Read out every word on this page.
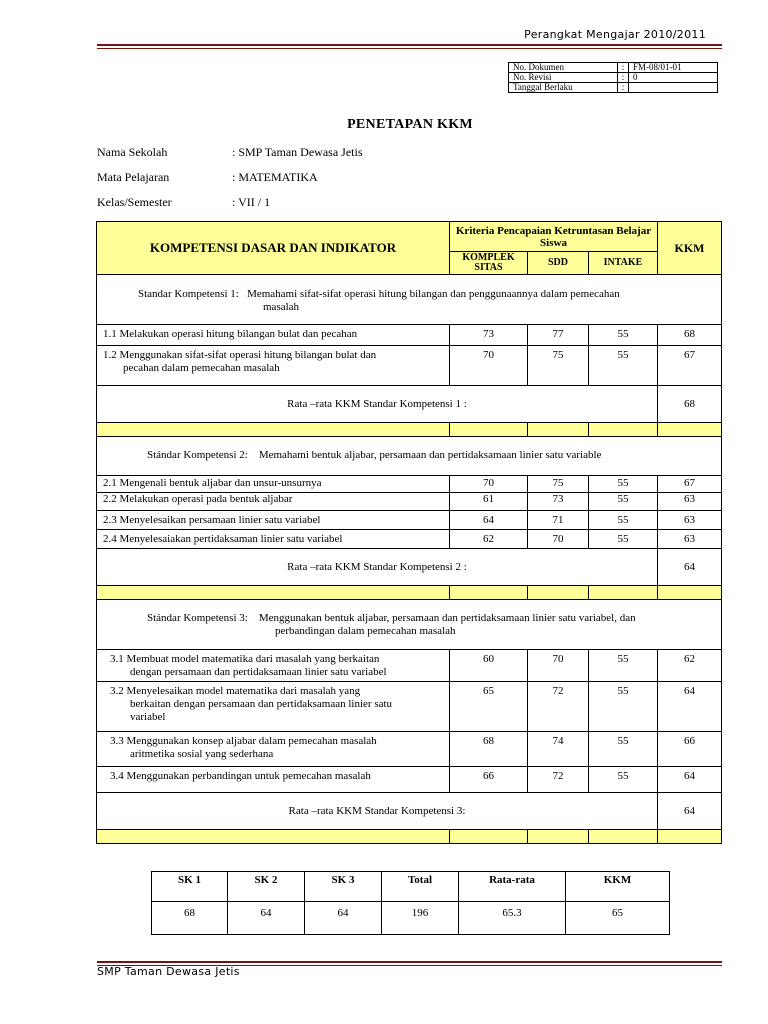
Perangkat Mengajar 2010/2011
No. Dokumen	:	FM-08/01-01
No. Revisi	:	0
Tanggal Berlaku	:	
PENETAPAN KKM
Nama Sekolah	: SMP Taman Dewasa Jetis
Mata Pelajaran	: MATEMATIKA
Kelas/Semester	: VII / 1
KOMPETENSI DASAR DAN INDIKATOR	Kriteria Pencapaian Ketruntasan Belajar Siswa			KKM
	KOMPLEK SITAS	SDD	INTAKE	
Standar Kompetensi 1: Memahami sifat-sifat operasi hitung bilangan dan penggunaannya dalam pemecahan
masalah				
1.1 Melakukan operasi hitung bilangan bulat dan pecahan	73	77	55	68
1.2 Menggunakan sifat-sifat operasi hitung bilangan bulat dan
pecahan dalam pemecahan masalah	70	75	55	67
Rata –rata KKM Standar Kompetensi 1 :				68

Stándar Kompetensi 2: Memahami bentuk aljabar, persamaan dan pertidaksamaan linier satu variable				
2.1 Mengenali bentuk aljabar dan unsur-unsurnya	70	75	55	67
2.2 Melakukan operasi pada bentuk aljabar	61	73	55	63
2.3 Menyelesaikan persamaan linier satu variabel	64	71	55	63
2.4 Menyelesaiakan pertidaksaman linier satu variabel	62	70	55	63
Rata –rata KKM Standar Kompetensi 2 :				64

Stándar Kompetensi 3: Menggunakan bentuk aljabar, persamaan dan pertidaksamaan linier satu variabel, dan
perbandingan dalam pemecahan masalah				
3.1 Membuat model matematika dari masalah yang berkaitan
dengan persamaan dan pertidaksamaan linier satu variabel	60	70	55	62
3.2 Menyelesaikan model matematika dari masalah yang
berkaitan dengan persamaan dan pertidaksamaan linier satu
variabel	65	72	55	64
3.3 Menggunakan konsep aljabar dalam pemecahan masalah
aritmetika sosial yang sederhana	68	74	55	66
3.4 Menggunakan perbandingan untuk pemecahan masalah	66	72	55	64
Rata –rata KKM Standar Kompetensi 3:				64

SK 1	SK 2	SK 3	Total	Rata-rata	KKM
68	64	64	196	65.3	65
SMP Taman Dewasa Jetis
